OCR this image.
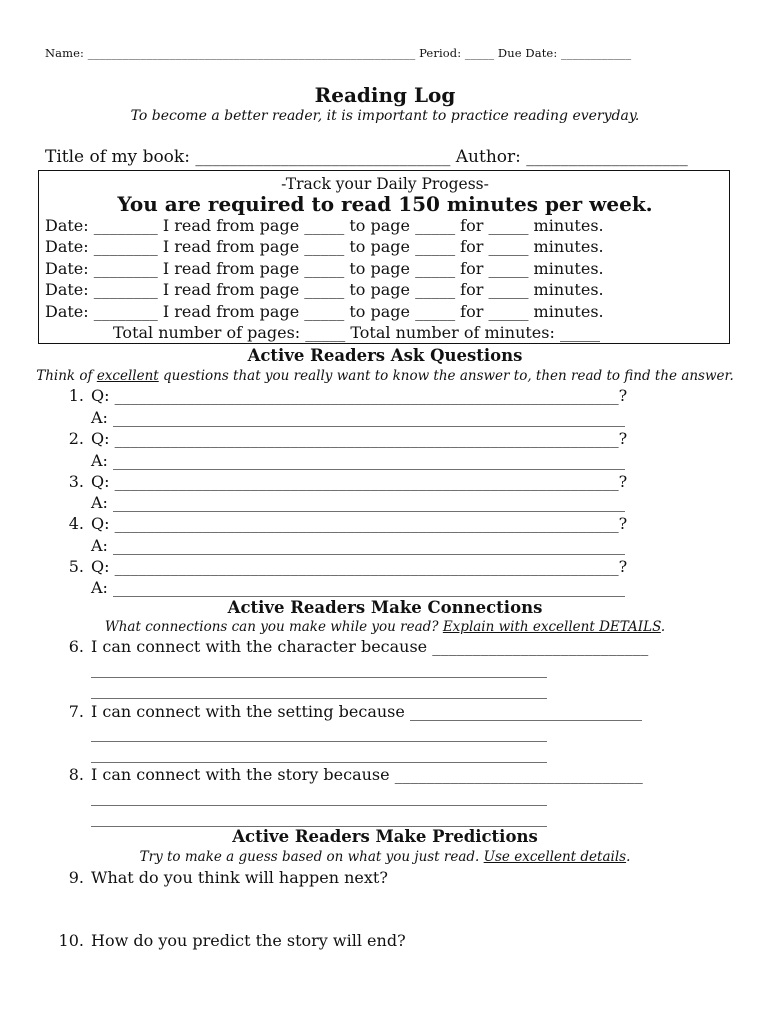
Name: ________________________________________________________ Period: _____ Due Date: ____________
Reading Log
To become a better reader, it is important to practice reading everyday.
Title of my book: ______________________________ Author: ___________________
-Track your Daily Progess-
You are required to read 150 minutes per week.
Date: ________ I read from page _____ to page _____ for _____ minutes.
Date: ________ I read from page _____ to page _____ for _____ minutes.
Date: ________ I read from page _____ to page _____ for _____ minutes.
Date: ________ I read from page _____ to page _____ for _____ minutes.
Date: ________ I read from page _____ to page _____ for _____ minutes.
Total number of pages: _____ Total number of minutes: _____
Active Readers Ask Questions
Think of excellent questions that you really want to know the answer to, then read to find the answer.
1. Q: _______________________________________________________________?
A: ________________________________________________________________
2. Q: _______________________________________________________________?
A: ________________________________________________________________
3. Q: _______________________________________________________________?
A: ________________________________________________________________
4. Q: _______________________________________________________________?
A: ________________________________________________________________
5. Q: _______________________________________________________________?
A: ________________________________________________________________
Active Readers Make Connections
What connections can you make while you read? Explain with excellent DETAILS.
6. I can connect with the character because ___________________________
_________________________________________________________
_________________________________________________________
7. I can connect with the setting because _____________________________
_________________________________________________________
_________________________________________________________
8. I can connect with the story because _______________________________
_________________________________________________________
_________________________________________________________
Active Readers Make Predictions
Try to make a guess based on what you just read. Use excellent details.
9. What do you think will happen next?
10. How do you predict the story will end?
